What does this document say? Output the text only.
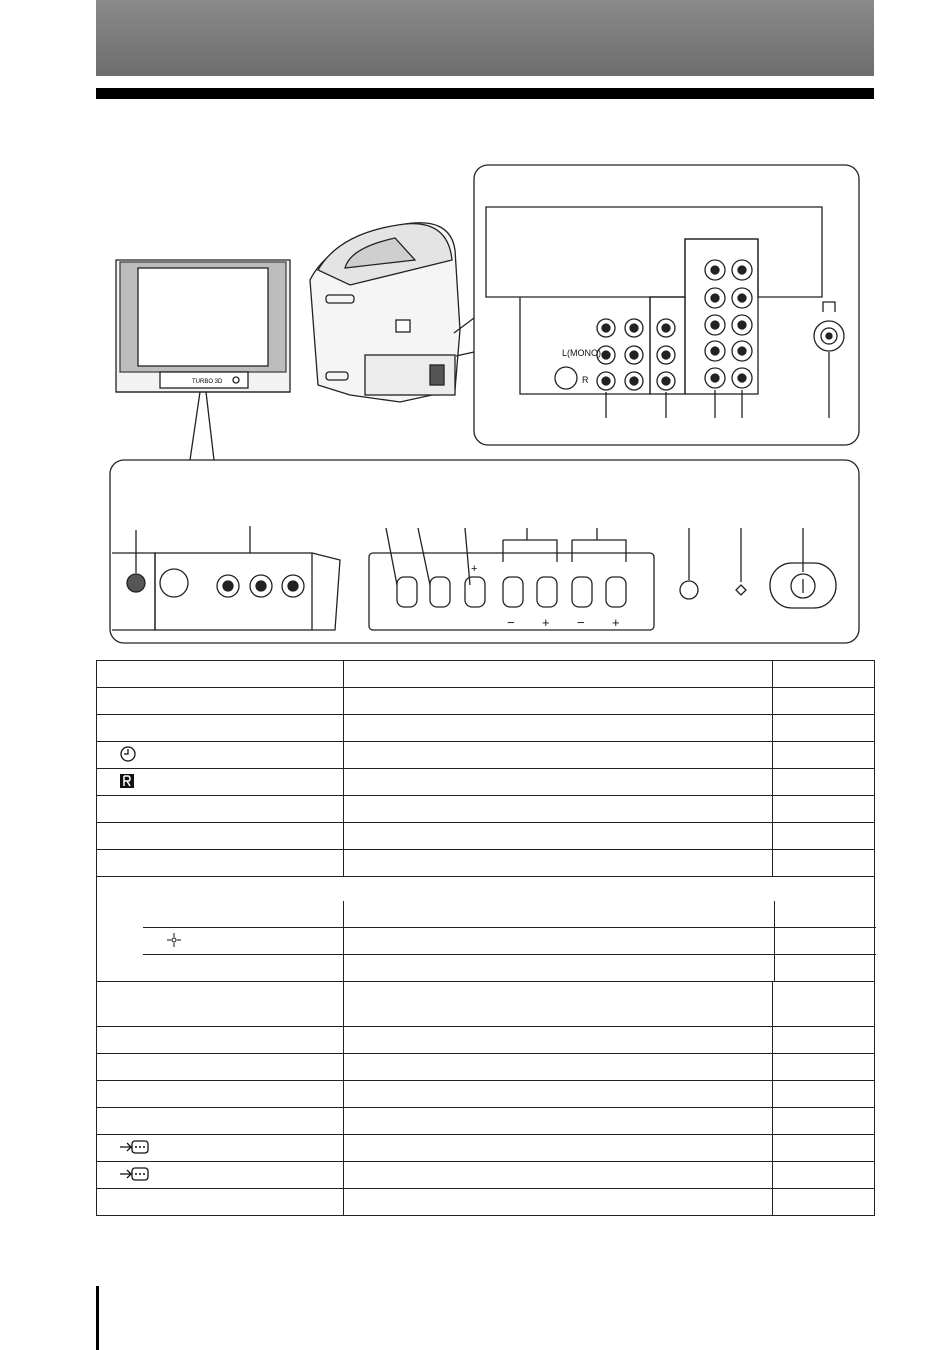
TURBO 3D
L(MONO)
R
− + − +
+
